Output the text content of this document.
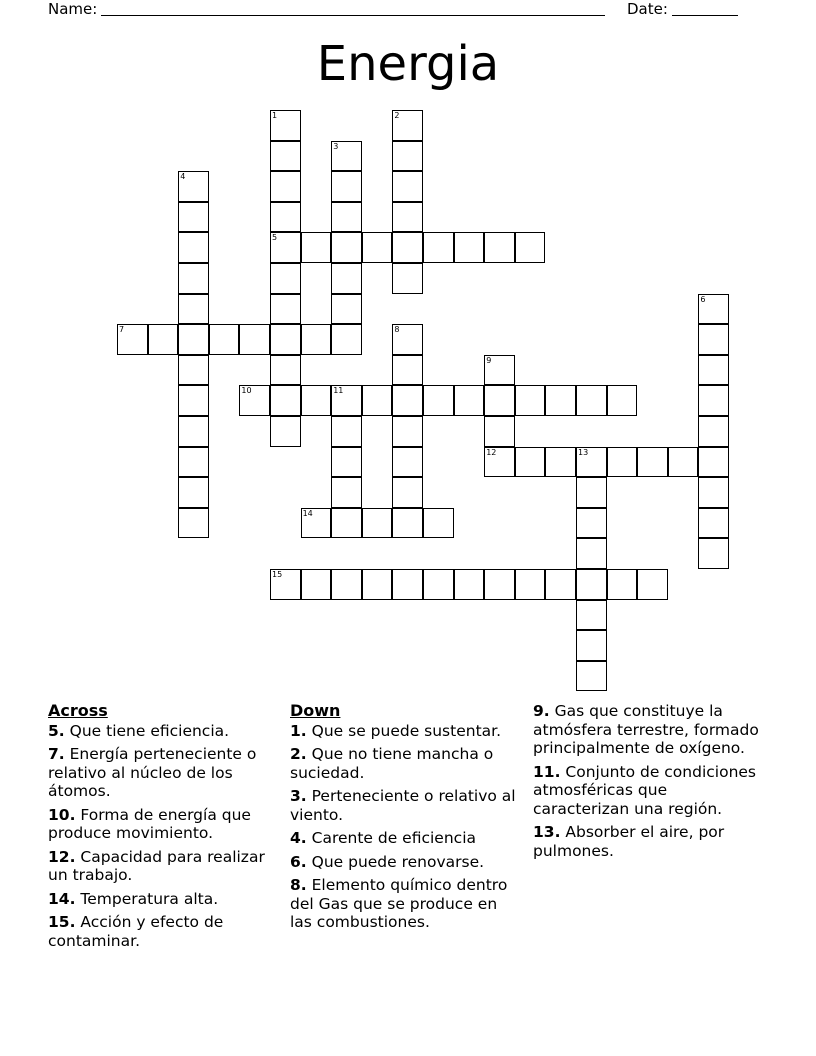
Name:	Date:
Energia
1
5
2
3
4
6
7	8
9
12
10	11
13
14
15
Across
5. Que tiene eficiencia.
7. Energía perteneciente o relativo al núcleo de los átomos.
10. Forma de energía que produce movimiento.
12. Capacidad para realizar un trabajo.
14. Temperatura alta.
15. Acción y efecto de contaminar.
Down
1. Que se puede sustentar.
2. Que no tiene mancha o suciedad.
3. Perteneciente o relativo al viento.
4. Carente de eficiencia
6. Que puede renovarse.
8. Elemento químico dentro del Gas que se produce en las combustiones.
9. Gas que constituye la atmósfera terrestre, formado principalmente de oxígeno.
11. Conjunto de condiciones atmosféricas que caracterizan una región.
13. Absorber el aire, por pulmones.
